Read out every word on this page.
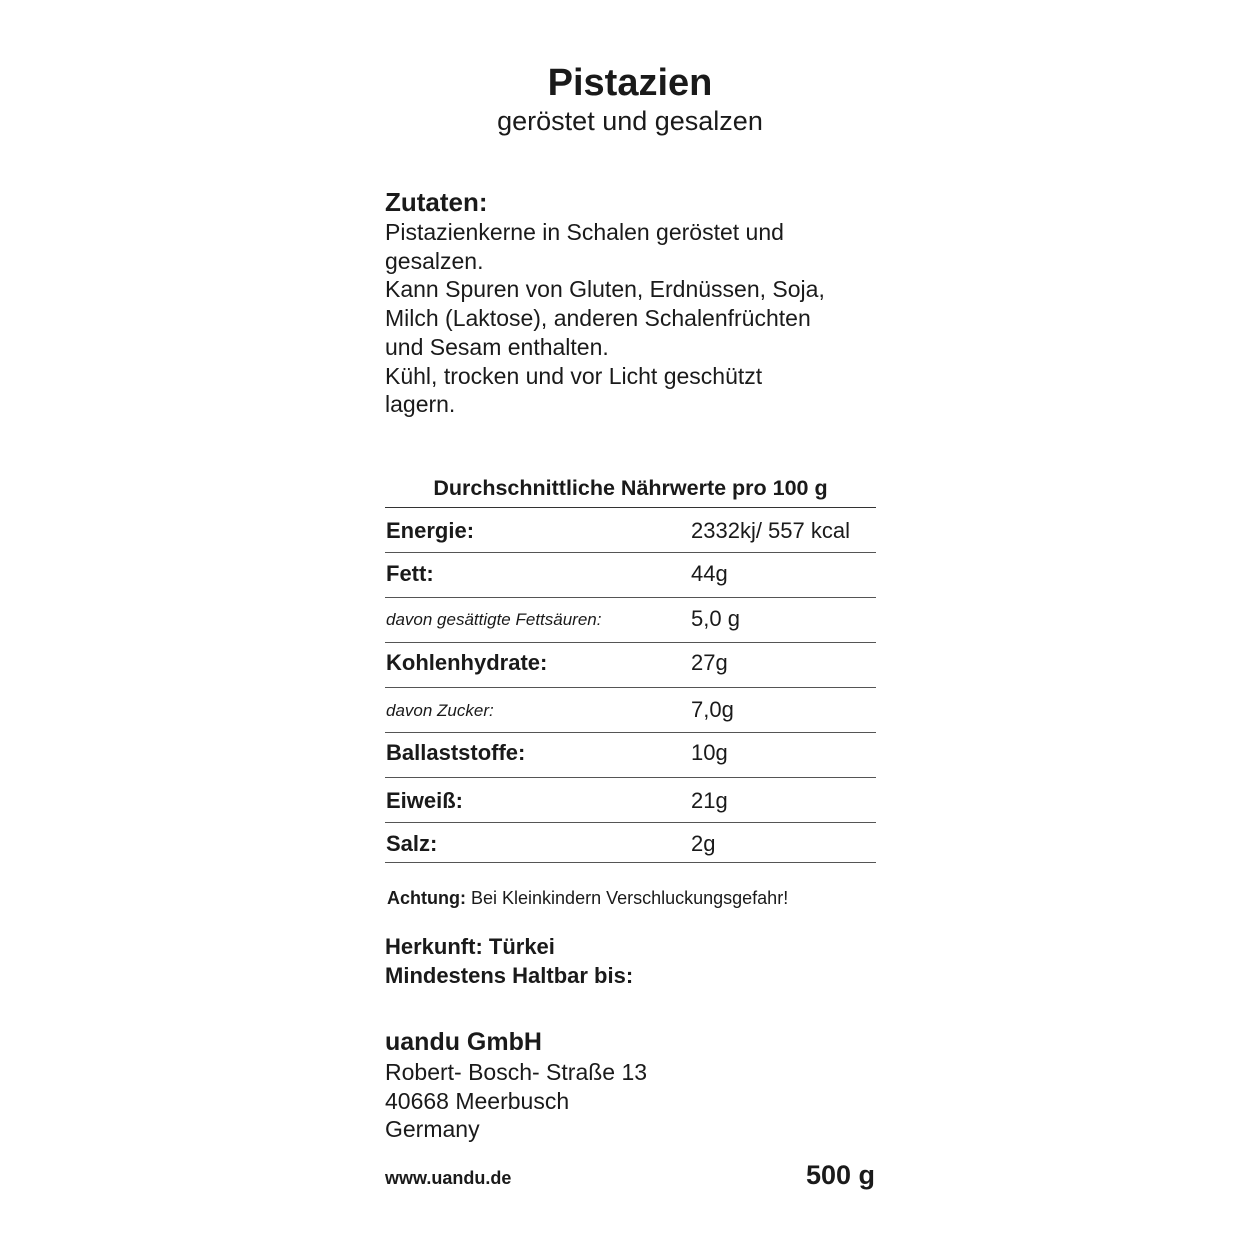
Pistazien
geröstet und gesalzen
Zutaten:
Pistazienkerne in Schalen geröstet und
gesalzen.
Kann Spuren von Gluten, Erdnüssen, Soja,
Milch (Laktose), anderen Schalenfrüchten
und Sesam enthalten.
Kühl, trocken und vor Licht geschützt
lagern.
Durchschnittliche Nährwerte pro 100 g
Energie:	2332kj/ 557 kcal
Fett:	44g
davon gesättigte Fettsäuren:	5,0 g
Kohlenhydrate:	27g
davon Zucker:	7,0g
Ballaststoffe:	10g
Eiweiß:	21g
Salz:	2g
Achtung: Bei Kleinkindern Verschluckungsgefahr!
Herkunft: Türkei
Mindestens Haltbar bis:
uandu GmbH
Robert- Bosch- Straße 13
40668 Meerbusch
Germany
www.uandu.de	500 g
